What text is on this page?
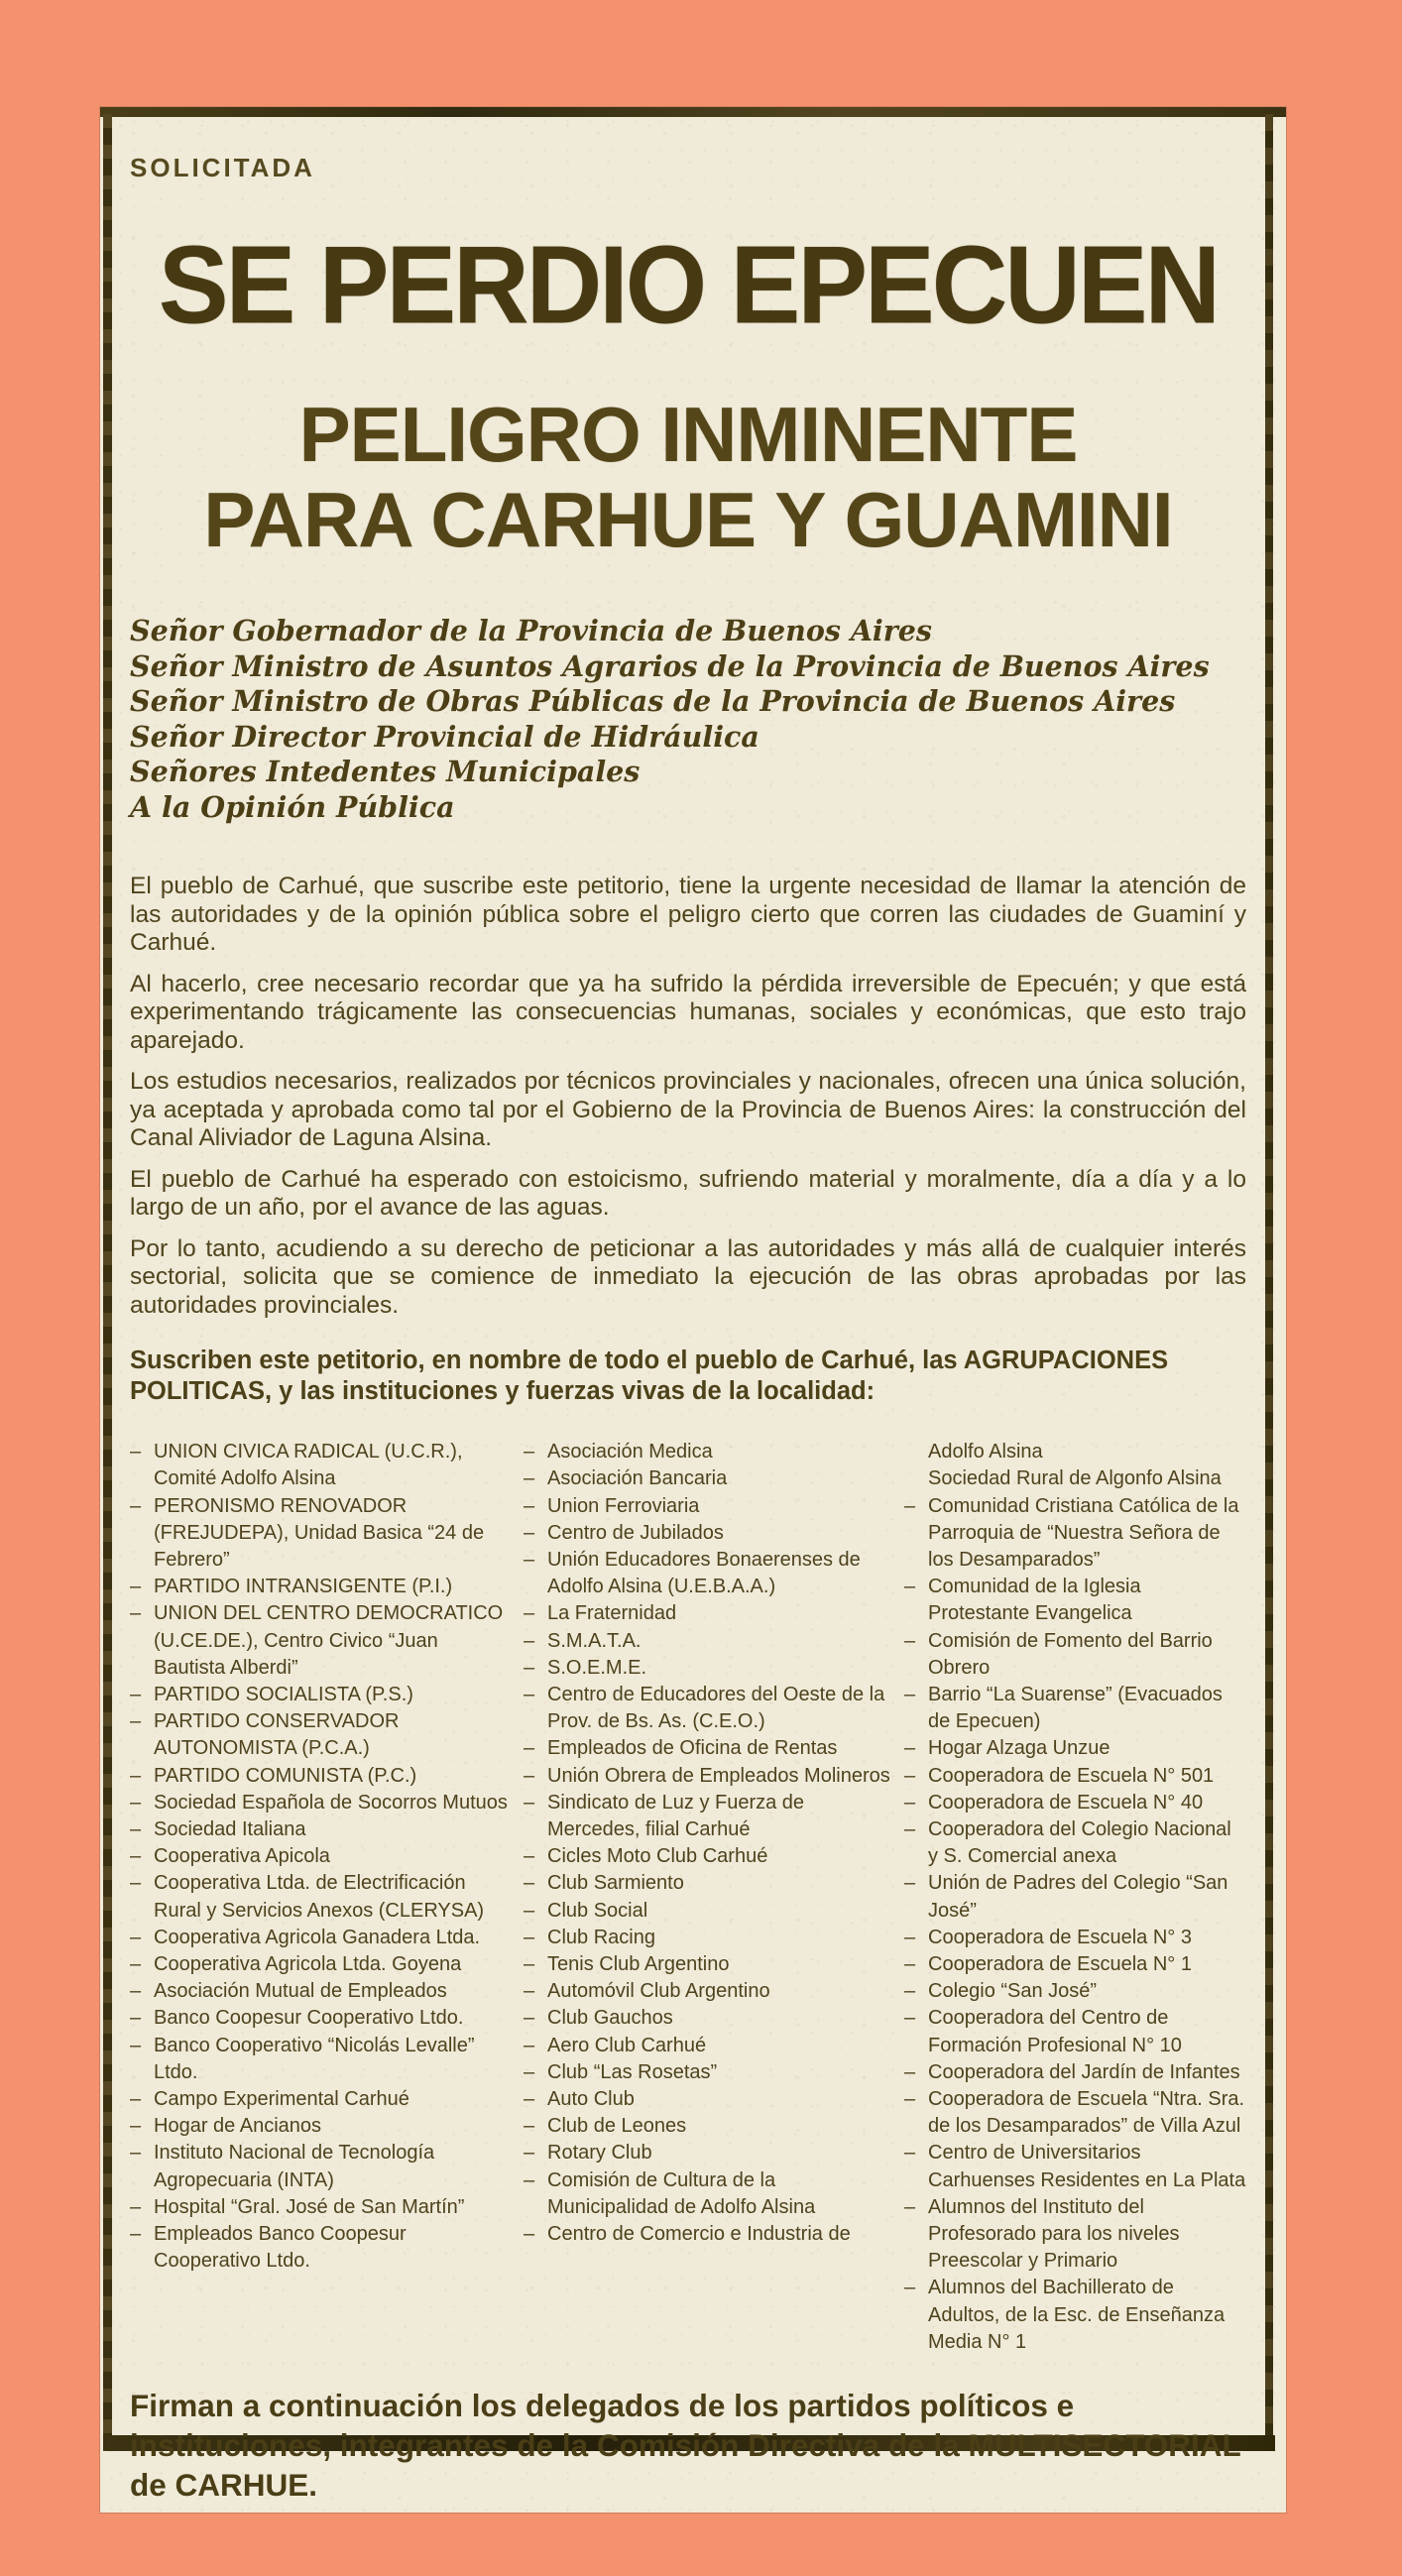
SOLICITADA
SE PERDIO EPECUEN
PELIGRO INMINENTE
PARA CARHUE Y GUAMINI
Señor Gobernador de la Provincia de Buenos Aires
Señor Ministro de Asuntos Agrarios de la Provincia de Buenos Aires
Señor Ministro de Obras Públicas de la Provincia de Buenos Aires
Señor Director Provincial de Hidráulica
Señores Intedentes Municipales
A la Opinión Pública

El pueblo de Carhué, que suscribe este petitorio, tiene la urgente necesidad de llamar la atención de las autoridades y de la opinión pública sobre el peligro cierto que corren las ciudades de Guaminí y Carhué.

Al hacerlo, cree necesario recordar que ya ha sufrido la pérdida irreversible de Epecuén; y que está experimentando trágicamente las consecuencias humanas, sociales y económicas, que esto trajo aparejado.

Los estudios necesarios, realizados por técnicos provinciales y nacionales, ofrecen una única solución, ya aceptada y aprobada como tal por el Gobierno de la Provincia de Buenos Aires: la construcción del Canal Aliviador de Laguna Alsina.

El pueblo de Carhué ha esperado con estoicismo, sufriendo material y moralmente, día a día y a lo largo de un año, por el avance de las aguas.

Por lo tanto, acudiendo a su derecho de peticionar a las autoridades y más allá de cualquier interés sectorial, solicita que se comience de inmediato la ejecución de las obras aprobadas por las autoridades provinciales.

Suscriben este petitorio, en nombre de todo el pueblo de Carhué, las AGRUPACIONES POLITICAS, y las instituciones y fuerzas vivas de la localidad:
– UNION CIVICA RADICAL (U.C.R.), Comité Adolfo Alsina
– PERONISMO RENOVADOR (FREJUDEPA), Unidad Basica “24 de Febrero”
– PARTIDO INTRANSIGENTE (P.I.)
– UNION DEL CENTRO DEMOCRATICO (U.CE.DE.), Centro Civico “Juan Bautista Alberdi”
– PARTIDO SOCIALISTA (P.S.)
– PARTIDO CONSERVADOR AUTONOMISTA (P.C.A.)
– PARTIDO COMUNISTA (P.C.)
– Sociedad Española de Socorros Mutuos
– Sociedad Italiana
– Cooperativa Apicola
– Cooperativa Ltda. de Electrificación Rural y Servicios Anexos (CLERYSA)
– Cooperativa Agricola Ganadera Ltda.
– Cooperativa Agricola Ltda. Goyena
– Asociación Mutual de Empleados
– Banco Coopesur Cooperativo Ltdo.
– Banco Cooperativo “Nicolás Levalle” Ltdo.
– Campo Experimental Carhué
– Hogar de Ancianos
– Instituto Nacional de Tecnología Agropecuaria (INTA)
– Hospital “Gral. José de San Martín”
– Empleados Banco Coopesur Cooperativo Ltdo.
– Asociación Medica
– Asociación Bancaria
– Union Ferroviaria
– Centro de Jubilados
– Unión Educadores Bonaerenses de Adolfo Alsina (U.E.B.A.A.)
– La Fraternidad
– S.M.A.T.A.
– S.O.E.M.E.
– Centro de Educadores del Oeste de la Prov. de Bs. As. (C.E.O.)
– Empleados de Oficina de Rentas
– Unión Obrera de Empleados Molineros
– Sindicato de Luz y Fuerza de Mercedes, filial Carhué
– Cicles Moto Club Carhué
– Club Sarmiento
– Club Social
– Club Racing
– Tenis Club Argentino
– Automóvil Club Argentino
– Club Gauchos
– Aero Club Carhué
– Club “Las Rosetas”
– Auto Club
– Club de Leones
– Rotary Club
– Comisión de Cultura de la Municipalidad de Adolfo Alsina
– Centro de Comercio e Industria de
Adolfo Alsina
Sociedad Rural de Algonfo Alsina
– Comunidad Cristiana Católica de la Parroquia de “Nuestra Señora de los Desamparados”
– Comunidad de la Iglesia Protestante Evangelica
– Comisión de Fomento del Barrio Obrero
– Barrio “La Suarense” (Evacuados de Epecuen)
– Hogar Alzaga Unzue
– Cooperadora de Escuela N° 501
– Cooperadora de Escuela N° 40
– Cooperadora del Colegio Nacional y S. Comercial anexa
– Unión de Padres del Colegio “San José”
– Cooperadora de Escuela N° 3
– Cooperadora de Escuela N° 1
– Colegio “San José”
– Cooperadora del Centro de Formación Profesional N° 10
– Cooperadora del Jardín de Infantes
– Cooperadora de Escuela “Ntra. Sra. de los Desamparados” de Villa Azul
– Centro de Universitarios Carhuenses Residentes en La Plata
– Alumnos del Instituto del Profesorado para los niveles Preescolar y Primario
– Alumnos del Bachillerato de Adultos, de la Esc. de Enseñanza Media N° 1
Firman a continuación los delegados de los partidos políticos e instituciones, integrantes de la Comisión Directiva de la MULTISECTORIAL de CARHUE.
